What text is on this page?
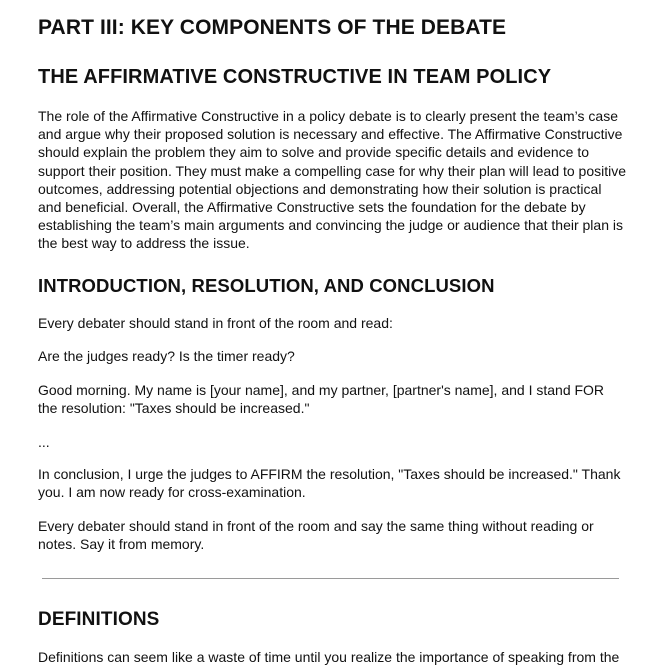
PART III: KEY COMPONENTS OF THE DEBATE
THE AFFIRMATIVE CONSTRUCTIVE IN TEAM POLICY

The role of the Affirmative Constructive in a policy debate is to clearly present the team’s case and argue why their proposed solution is necessary and effective. The Affirmative Constructive should explain the problem they aim to solve and provide specific details and evidence to support their position. They must make a compelling case for why their plan will lead to positive outcomes, addressing potential objections and demonstrating how their solution is practical and beneficial. Overall, the Affirmative Constructive sets the foundation for the debate by establishing the team’s main arguments and convincing the judge or audience that their plan is the best way to address the issue.

INTRODUCTION, RESOLUTION, AND CONCLUSION

Every debater should stand in front of the room and read:

Are the judges ready? Is the timer ready?

Good morning. My name is [your name], and my partner, [partner's name], and I stand FOR the resolution: "Taxes should be increased."

...

In conclusion, I urge the judges to AFFIRM the resolution, "Taxes should be increased." Thank you. I am now ready for cross-examination.

Every debater should stand in front of the room and say the same thing without reading or notes. Say it from memory.

DEFINITIONS

Definitions can seem like a waste of time until you realize the importance of speaking from the
